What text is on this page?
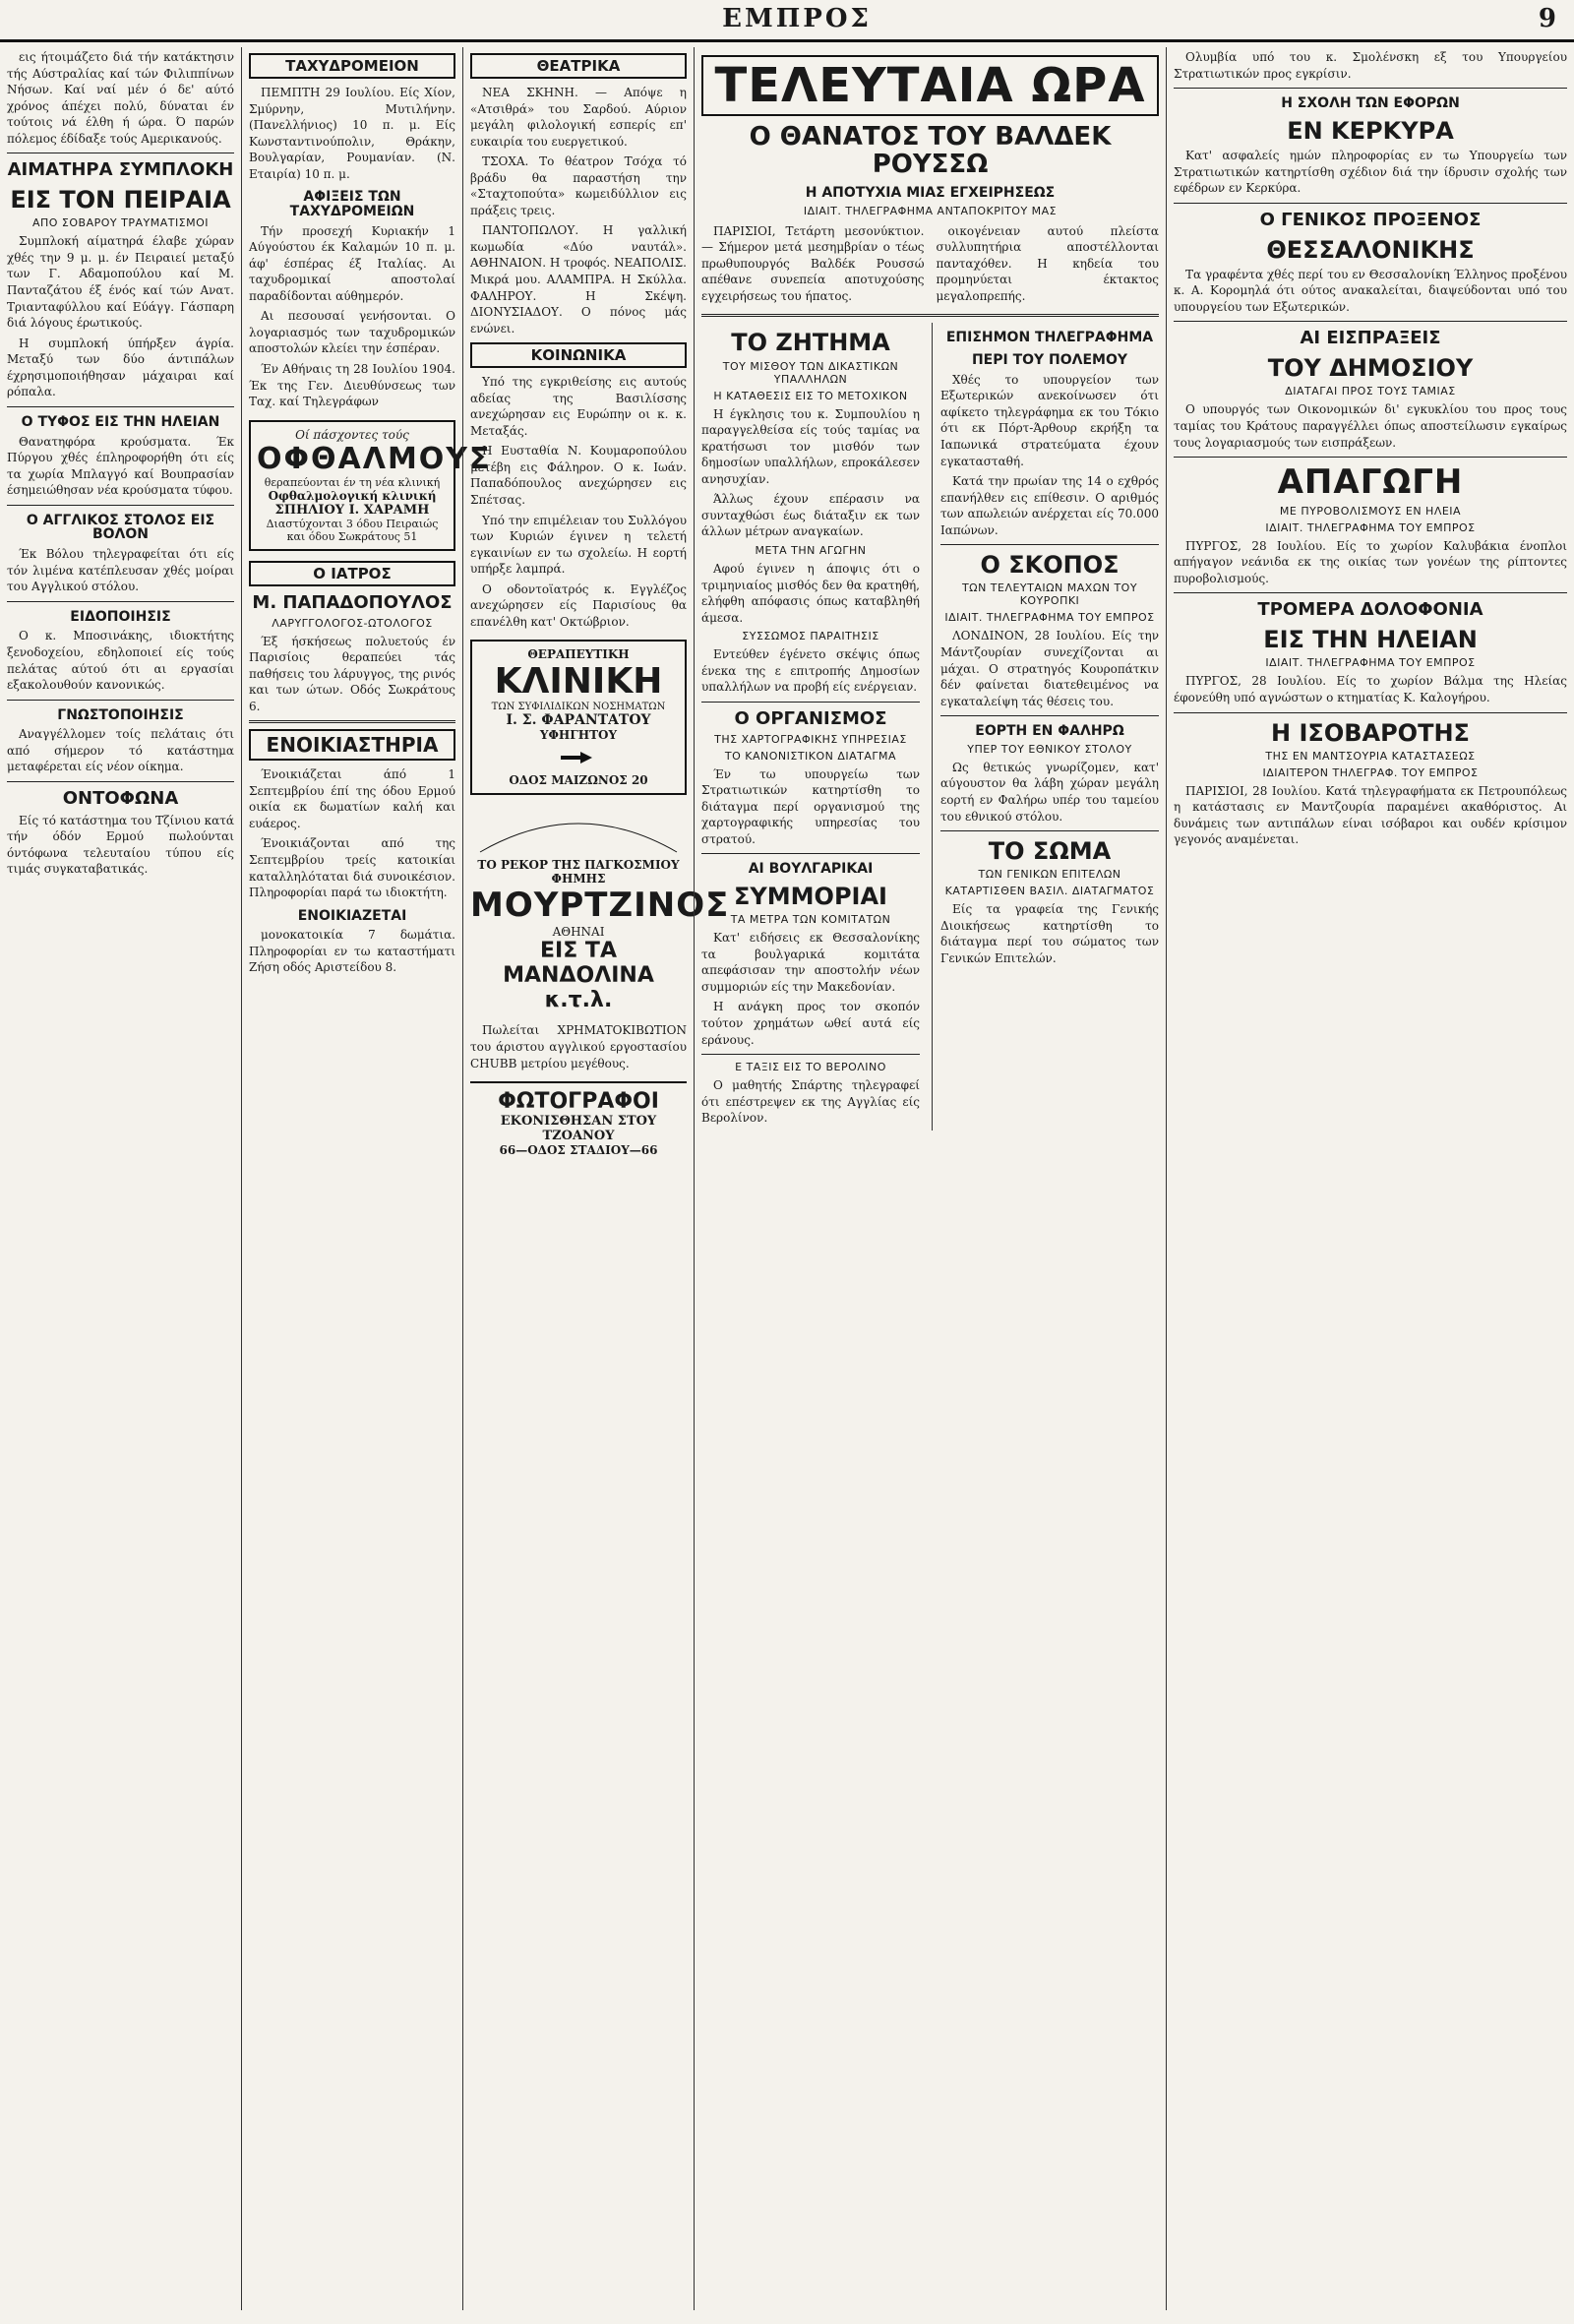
ΕΜΠΡΟΣ	9

εις ήτοιμάζετο διά τήν κατάκτησιν τής Αύστραλίας καί τών Φιλιππίνων Νήσων. Καί ναί μέν ό δε' αύτό χρόνος άπέχει πολύ, δύναται έν τούτοις νά έλθη ή ώρα. Ό παρών πόλεμος έδίδαξε τούς Αμερικανούς.

ΑΙΜΑΤΗΡΑ ΣΥΜΠΛΟΚΗ
ΕΙΣ ΤΟΝ ΠΕΙΡΑΙΑ
ΑΠΟ ΣΟΒΑΡΟΥ ΤΡΑΥΜΑΤΙΣΜΟΙ

Συμπλοκή αίματηρά έλαβε χώραν χθές την 9 μ. μ. έν Πειραιεί μεταξύ των Γ. Αδαμοπούλου καί Μ. Πανταζάτου έξ ένός καί τών Ανατ. Τριανταφύλλου καί Εύάγγ. Γάσπαρη διά λόγους έρωτικούς.

Η συμπλοκή ύπήρξεν άγρία. Μεταξύ των δύο άντιπάλων έχρησιμοποιήθησαν μάχαιραι καί ρόπαλα.

Ο ΤΥΦΟΣ ΕΙΣ ΤΗΝ ΗΛΕΙΑΝ

Θανατηφόρα κρούσματα. Έκ Πύργου χθές έπληροφορήθη ότι είς τα χωρία Μπλαγγό καί Βουπρασίαν έσημειώθησαν νέα κρούσματα τύφου.

Ο ΑΓΓΛΙΚΟΣ ΣΤΟΛΟΣ ΕΙΣ ΒΟΛΟΝ

Έκ Βόλου τηλεγραφείται ότι είς τόν λιμένα κατέπλευσαν χθές μοίραι του Αγγλικού στόλου.

ΕΙΔΟΠΟΙΗΣΙΣ

Ο κ. Μποσινάκης, ιδιοκτήτης ξενοδοχείου, εδηλοποιεί είς τούς πελάτας αύτού ότι αι εργασίαι εξακολουθούν κανονικώς.

ΓΝΩΣΤΟΠΟΙΗΣΙΣ

Αναγγέλλομεν τοίς πελάταις ότι από σήμερον τό κατάστημα μεταφέρεται είς νέον οίκημα.

ΟΝΤΟΦΩΝΑ

Είς τό κατάστημα του Τζίνιου κατά τήν όδόν Ερμού πωλούνται όντόφωνα τελευταίου τύπου είς τιμάς συγκαταβατικάς.

ΤΑΧΥΔΡΟΜΕΙΟΝ

ΠΕΜΠΤΗ 29 Ιουλίου. Είς Χίον, Σμύρνην, Μυτιλήνην. (Πανελλήνιος) 10 π. μ. Είς Κωνσταντινούπολιν, Θράκην, Βουλγαρίαν, Ρουμανίαν. (Ν. Εταιρία) 10 π. μ.

ΑΦΙΞΕΙΣ ΤΩΝ ΤΑΧΥΔΡΟΜΕΙΩΝ

Τήν προσεχή Κυριακήν 1 Αύγούστου έκ Καλαμών 10 π. μ. άφ' έσπέρας έξ Ιταλίας. Αι ταχυδρομικαί αποστολαί παραδίδονται αύθημερόν.

Αι πεσουσαί γενήσονται. Ο λογαριασμός των ταχυδρομικών αποστολών κλείει την έσπέραν.

Έν Αθήναις τη 28 Ιουλίου 1904. Έκ της Γεν. Διευθύνσεως των Ταχ. καί Τηλεγράφων

Οί πάσχοντες τούς
ΟΦΘΑΛΜΟΥΣ
θεραπεύονται έν τη νέα κλινική
Οφθαλμολογική κλινική
ΣΠΗΛΙΟΥ Ι. ΧΑΡΑΜΗ
Διαστύχονται 3 όδου Πειραιώς και όδου Σωκράτους 51
Ο ΙΑΤΡΟΣ
Μ. ΠΑΠΑΔΟΠΟΥΛΟΣ
ΛΑΡΥΓΓΟΛΟΓΟΣ-ΩΤΟΛΟΓΟΣ

Έξ ήσκήσεως πολυετούς έν Παρισίοις θεραπεύει τάς παθήσεις του λάρυγγος, της ρινός και των ώτων. Οδός Σωκράτους 6.

ΕΝΟΙΚΙΑΣΤΗΡΙΑ

Ένοικιάζεται άπό 1 Σεπτεμβρίου έπί της όδου Ερμού οικία εκ δωματίων καλή και ευάερος.

Ένοικιάζονται από της Σεπτεμβρίου τρείς κατοικίαι καταλληλόταται διά συνοικέσιον. Πληροφορίαι παρά τω ιδιοκτήτη.

ΕΝΟΙΚΙΑΖΕΤΑΙ

μονοκατοικία 7 δωμάτια. Πληροφορίαι εν τω καταστήματι Ζήση οδός Αριστείδου 8.

ΘΕΑΤΡΙΚΑ

ΝΕΑ ΣΚΗΝΗ. — Απόψε η «Ατσιθρά» του Σαρδού. Αύριον μεγάλη φιλολογική εσπερίς επ' ευκαιρία του ευεργετικού.

ΤΣΟΧΑ. Το θέατρον Τσόχα τό βράδυ θα παραστήση την «Σταχτοπούτα» κωμειδύλλιον εις πράξεις τρεις.

ΠΑΝΤΟΠΩΛΟΥ. Η γαλλική κωμωδία «Δύο ναυτάλ». ΑΘΗΝΑΙΟΝ. Η τροφός. ΝΕΑΠΟΛΙΣ. Μικρά μου. ΑΛΑΜΠΡΑ. Η Σκύλλα. ΦΑΛΗΡΟΥ. Η Σκέψη. ΔΙΟΝΥΣΙΑΔΟΥ. Ο πόνος μάς ενώνει.

ΚΟΙΝΩΝΙΚΑ

Υπό της εγκριθείσης εις αυτούς αδείας της Βασιλίσσης ανεχώρησαν εις Ευρώπην οι κ. κ. Μεταξάς.

Η Ευσταθία Ν. Κουμαροπούλου μετέβη εις Φάληρον. Ο κ. Ιωάν. Παπαδόπουλος ανεχώρησεν εις Σπέτσας.

Υπό την επιμέλειαν του Συλλόγου των Κυριών έγινεν η τελετή εγκαινίων εν τω σχολείω. Η εορτή υπήρξε λαμπρά.

Ο οδοντοϊατρός κ. Εγγλέζος ανεχώρησεν είς Παρισίους θα επανέλθη κατ' Οκτώβριον.

ΘΕΡΑΠΕΥΤΙΚΗ
ΚΛΙΝΙΚΗ
ΤΩΝ ΣΥΦΙΛΙΔΙΚΩΝ ΝΟΣΗΜΑΤΩΝ
Ι. Σ. ΦΑΡΑΝΤΑΤΟΥ
ΥΦΗΓΗΤΟΥ
ΟΔΟΣ ΜΑΙΖΩΝΟΣ 20
ΤΟ ΡΕΚΟΡ ΤΗΣ ΠΑΓΚΟΣΜΙΟΥ ΦΗΜΗΣ
ΜΟΥΡΤΖΙΝΟΣ
ΑΘΗΝΑΙ
ΕΙΣ ΤΑ ΜΑΝΔΟΛΙΝΑ κ.τ.λ.

Πωλείται ΧΡΗΜΑΤΟΚΙΒΩΤΙΟΝ του άριστου αγγλικού εργοστασίου CHUBB μετρίου μεγέθους.

ΦΩΤΟΓΡΑΦΟΙ
ΕΚΟΝΙΣΘΗΣΑΝ ΣΤΟΥ ΤΖΟΑΝΟΥ
66—ΟΔΟΣ ΣΤΑΔΙΟΥ—66
ΤΕΛΕΥΤΑΙΑ ΩΡΑ
Ο ΘΑΝΑΤΟΣ ΤΟΥ ΒΑΛΔΕΚ ΡΟΥΣΣΩ
Η ΑΠΟΤΥΧΙΑ ΜΙΑΣ ΕΓΧΕΙΡΗΣΕΩΣ
ΙΔΙΑΙΤ. ΤΗΛΕΓΡΑΦΗΜΑ ΑΝΤΑΠΟΚΡΙΤΟΥ ΜΑΣ

ΠΑΡΙΣΙΟΙ, Τετάρτη μεσονύκτιον. — Σήμερον μετά μεσημβρίαν ο τέως πρωθυπουργός Βαλδέκ Ρουσσώ απέθανε συνεπεία αποτυχούσης εγχειρήσεως του ήπατος.

οικογένειαν αυτού πλείστα συλλυπητήρια αποστέλλονται πανταχόθεν. Η κηδεία του προμηνύεται έκτακτος μεγαλοπρεπής.

ΤΟ ΖΗΤΗΜΑ
ΤΟΥ ΜΙΣΘΟΥ ΤΩΝ ΔΙΚΑΣΤΙΚΩΝ ΥΠΑΛΛΗΛΩΝ
Η ΚΑΤΑΘΕΣΙΣ ΕΙΣ ΤΟ ΜΕΤΟΧΙΚΟΝ

Η έγκλησις του κ. Συμπουλίου η παραγγελθείσα είς τούς ταμίας να κρατήσωσι τον μισθόν των δημοσίων υπαλλήλων, επροκάλεσεν ανησυχίαν.

Άλλως έχουν επέρασιν να συνταχθώσι έως διάταξιν εκ των άλλων μέτρων αναγκαίων.

ΜΕΤΑ ΤΗΝ ΑΓΩΓΗΝ

Αφού έγινεν η άποψις ότι ο τριμηνιαίος μισθός δεν θα κρατηθή, ελήφθη απόφασις όπως καταβληθή άμεσα.

ΣΥΣΣΩΜΟΣ ΠΑΡΑΙΤΗΣΙΣ

Εντεύθεν έγένετο σκέψις όπως ένεκα της ε επιτροπής Δημοσίων υπαλλήλων να προβή είς ενέργειαν.

Ο ΟΡΓΑΝΙΣΜΟΣ
ΤΗΣ ΧΑΡΤΟΓΡΑΦΙΚΗΣ ΥΠΗΡΕΣΙΑΣ
ΤΟ ΚΑΝΟΝΙΣΤΙΚΟΝ ΔΙΑΤΑΓΜΑ

Έν τω υπουργείω των Στρατιωτικών κατηρτίσθη το διάταγμα περί οργανισμού της χαρτογραφικής υπηρεσίας του στρατού.

ΑΙ ΒΟΥΛΓΑΡΙΚΑΙ
ΣΥΜΜΟΡΙΑΙ
ΤΑ ΜΕΤΡΑ ΤΩΝ ΚΟΜΙΤΑΤΩΝ

Κατ' ειδήσεις εκ Θεσσαλονίκης τα βουλγαρικά κομιτάτα απεφάσισαν την αποστολήν νέων συμμοριών είς την Μακεδονίαν.

Η ανάγκη προς τον σκοπόν τούτον χρημάτων ωθεί αυτά είς εράνους.

Ε ΤΑΞΙΣ ΕΙΣ ΤΟ ΒΕΡΟΛΙΝΟ

Ο μαθητής Σπάρτης τηλεγραφεί ότι επέστρεψεν εκ της Αγγλίας είς Βερολίνον.

ΕΠΙΣΗΜΟΝ ΤΗΛΕΓΡΑΦΗΜΑ
ΠΕΡΙ ΤΟΥ ΠΟΛΕΜΟΥ

Χθές το υπουργείον των Εξωτερικών ανεκοίνωσεν ότι αφίκετο τηλεγράφημα εκ του Τόκιο ότι εκ Πόρτ-Άρθουρ εκρήξη τα Ιαπωνικά στρατεύματα έχουν εγκατασταθή.

Κατά την πρωίαν της 14 ο εχθρός επανήλθεν εις επίθεσιν. Ο αριθμός των απωλειών ανέρχεται είς 70.000 Ιαπώνων.

Ο ΣΚΟΠΟΣ
ΤΩΝ ΤΕΛΕΥΤΑΙΩΝ ΜΑΧΩΝ ΤΟΥ ΚΟΥΡΟΠΚΙ
ΙΔΙΑΙΤ. ΤΗΛΕΓΡΑΦΗΜΑ ΤΟΥ ΕΜΠΡΟΣ

ΛΟΝΔΙΝΟΝ, 28 Ιουλίου. Είς την Μάντζουρίαν συνεχίζονται αι μάχαι. Ο στρατηγός Κουροπάτκιν δέν φαίνεται διατεθειμένος να εγκαταλείψη τάς θέσεις του.

ΕΟΡΤΗ ΕΝ ΦΑΛΗΡΩ
ΥΠΕΡ ΤΟΥ ΕΘΝΙΚΟΥ ΣΤΟΛΟΥ

Ως θετικώς γνωρίζομεν, κατ' αύγουστον θα λάβη χώραν μεγάλη εορτή εν Φαλήρω υπέρ του ταμείου του εθνικού στόλου.

ΤΟ ΣΩΜΑ
ΤΩΝ ΓΕΝΙΚΩΝ ΕΠΙΤΕΛΩΝ
ΚΑΤΑΡΤΙΣΘΕΝ ΒΑΣΙΛ. ΔΙΑΤΑΓΜΑΤΟΣ

Είς τα γραφεία της Γενικής Διοικήσεως κατηρτίσθη το διάταγμα περί του σώματος των Γενικών Επιτελών.

Ολυμβία υπό του κ. Σμολένσκη εξ του Υπουργείου Στρατιωτικών προς εγκρίσιν.

Η ΣΧΟΛΗ ΤΩΝ ΕΦΟΡΩΝ
ΕΝ ΚΕΡΚΥΡΑ

Κατ' ασφαλείς ημών πληροφορίας εν τω Υπουργείω των Στρατιωτικών κατηρτίσθη σχέδιον διά την ίδρυσιν σχολής των εφέδρων εν Κερκύρα.

Ο ΓΕΝΙΚΟΣ ΠΡΟΞΕΝΟΣ
ΘΕΣΣΑΛΟΝΙΚΗΣ

Τα γραφέντα χθές περί του εν Θεσσαλονίκη Έλληνος προξένου κ. Α. Κορομηλά ότι ούτος ανακαλείται, διαψεύδονται υπό του υπουργείου των Εξωτερικών.

ΑΙ ΕΙΣΠΡΑΞΕΙΣ
ΤΟΥ ΔΗΜΟΣΙΟΥ
ΔΙΑΤΑΓΑΙ ΠΡΟΣ ΤΟΥΣ ΤΑΜΙΑΣ

Ο υπουργός των Οικονομικών δι' εγκυκλίου του προς τους ταμίας του Κράτους παραγγέλλει όπως αποστείλωσιν εγκαίρως τους λογαριασμούς των εισπράξεων.

ΑΠΑΓΩΓΗ
ΜΕ ΠΥΡΟΒΟΛΙΣΜΟΥΣ ΕΝ ΗΛΕΙΑ
ΙΔΙΑΙΤ. ΤΗΛΕΓΡΑΦΗΜΑ ΤΟΥ ΕΜΠΡΟΣ

ΠΥΡΓΟΣ, 28 Ιουλίου. Είς το χωρίον Καλυβάκια ένοπλοι απήγαγον νεάνιδα εκ της οικίας των γονέων της ρίπτοντες πυροβολισμούς.

ΤΡΟΜΕΡΑ ΔΟΛΟΦΟΝΙΑ
ΕΙΣ ΤΗΝ ΗΛΕΙΑΝ
ΙΔΙΑΙΤ. ΤΗΛΕΓΡΑΦΗΜΑ ΤΟΥ ΕΜΠΡΟΣ

ΠΥΡΓΟΣ, 28 Ιουλίου. Είς το χωρίον Βάλμα της Ηλείας έφονεύθη υπό αγνώστων ο κτηματίας Κ. Καλογήρου.

Η ΙΣΟΒΑΡΟΤΗΣ
ΤΗΣ ΕΝ ΜΑΝΤΣΟΥΡΙΑ ΚΑΤΑΣΤΑΣΕΩΣ
ΙΔΙΑΙΤΕΡΟΝ ΤΗΛΕΓΡΑΦ. ΤΟΥ ΕΜΠΡΟΣ

ΠΑΡΙΣΙΟΙ, 28 Ιουλίου. Κατά τηλεγραφήματα εκ Πετρουπόλεως η κατάστασις εν Μαντζουρία παραμένει ακαθόριστος. Αι δυνάμεις των αντιπάλων είναι ισόβαροι και ουδέν κρίσιμον γεγονός αναμένεται.
